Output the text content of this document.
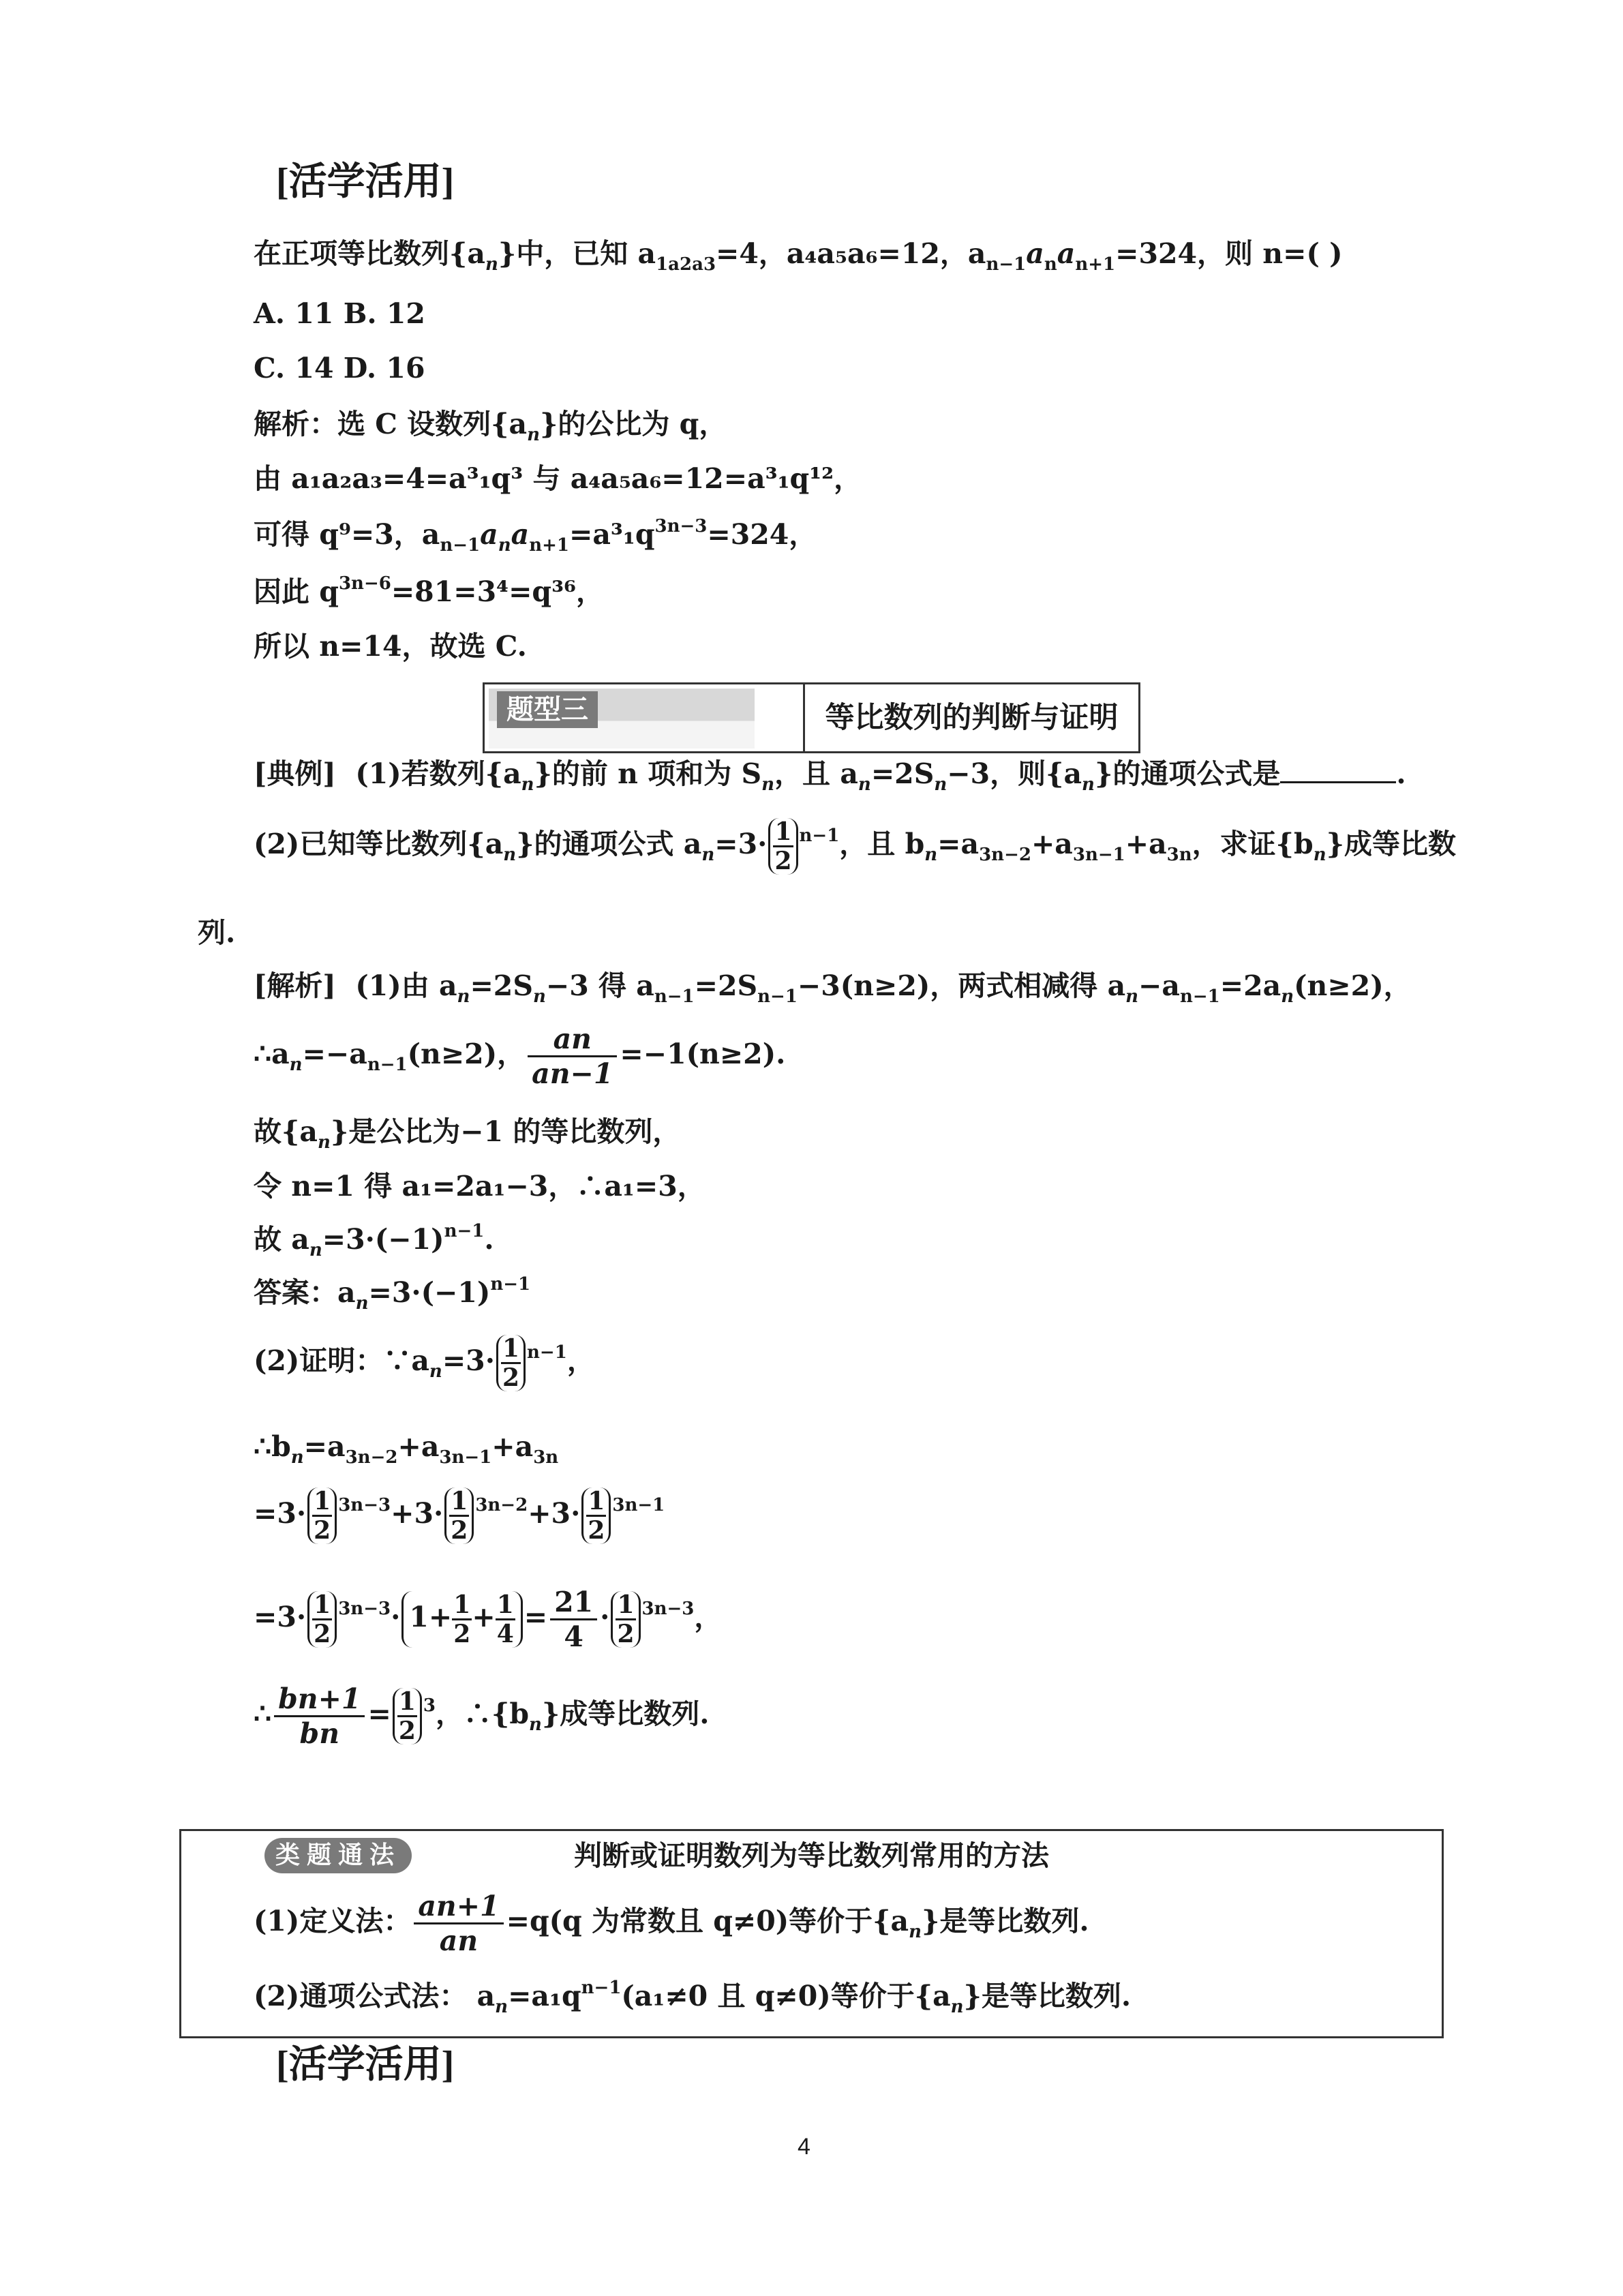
[活学活用]
在正项等比数列$\{a_n\}$中，已知 $a_{1a2a3}=4$，a₄a₅a₆=12，$a_{n-1}a_na_{n+1}=324$，则 n=( )
A. 11 B. 12
C. 14 D. 16
解析：选 C 设数列$\{a_n\}$的公比为 q，
由 a₁a₂a₃=4=a³₁q³ 与 a₄a₅a₆=12=a³₁q¹²，
可得 q⁹=3，$a_{n-1}a_na_{n+1}=a^3_1q^{3n-3}=324$，
因此 $q^{3n-6}=81=3^4=q^{36}$，
所以 n=14，故选 C.
题型三	等比数列的判断与证明
[典例] (1)若数列$\{a_n\}$的前 n 项和为 $S_n$，且 $a_n=2S_n-3$，则$\{a_n\}$的通项公式是	.
(2)已知等比数列$\{a_n\}$的通项公式 $a_n=3\cdot \frac{1}{2} ^{n-1}$，且 $b_n=a_{3n-2}+a_{3n-1}+a_{3n}$，求证$\{b_n\}$成等比数
列.
[解析] (1)由 $a_n=2S_n-3$ 得 $a_{n-1}=2S_{n-1}-3(n\ge 2)$，两式相减得 $a_n-a_{n-1}=2a_n(n\ge 2)$，
$\therefore a_n=-a_{n-1}(n\ge 2)$， $\frac{an}{an-1} =-1(n\ge 2)$.
故$\{a_n\}$是公比为−1 的等比数列，
令 n=1 得 a₁=2a₁−3，∴a₁=3，
故 $a_n=3\cdot(-1)^{n-1}$.
答案：$a_n=3\cdot(-1)^{n-1}$
(2)证明：$\because a_n=3\cdot \frac{1}{2} ^{n-1}$，
$\therefore b_n=a_{3n-2}+a_{3n-1}+a_{3n}$
$=3\cdot \frac{1}{2} ^{3n-3}+3\cdot \frac{1}{2} ^{3n-2}+3\cdot \frac{1}{2} ^{3n-1}$
$=3\cdot \frac{1}{2} ^{3n-3}\cdot 1+ \frac{1}{2} + \frac{1}{4} = \frac{21}{4} \cdot \frac{1}{2} ^{3n-3}$，
∴ $\frac{bn+1}{bn} = \frac{1}{2} ^3$，$\therefore\{b_n\}$成等比数列.
判断或证明数列为等比数列常用的方法
类题通法
(1)定义法： $\frac{an+1}{an} =q(q$ 为常数且 q≠0)等价于$\{a_n\}$是等比数列.
(2)通项公式法： $a_n=a_1q^{n-1}(a_1\ne 0$ 且 q≠0)等价于$\{a_n\}$是等比数列.
[活学活用]
4
